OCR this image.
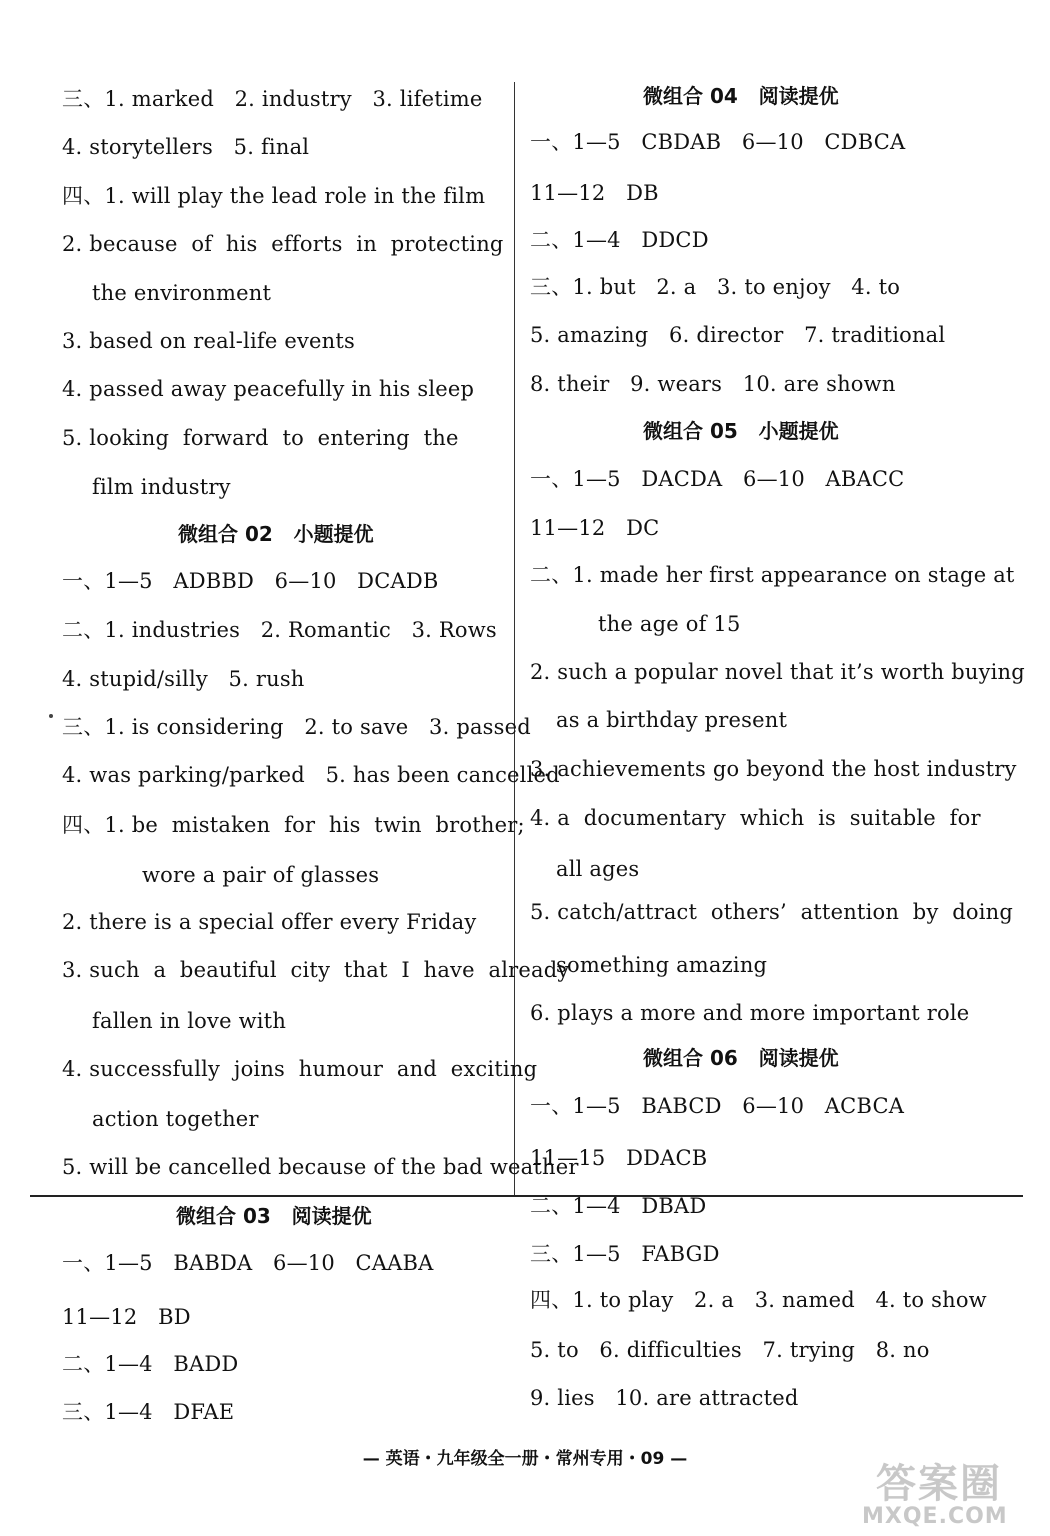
三、1. marked   2. industry   3. lifetime
4. storytellers   5. final
四、1. will play the lead role in the film
2. because  of  his  efforts  in  protecting
the environment
3. based on real-life events
4. passed away peacefully in his sleep
5. looking  forward  to  entering  the
film industry
微组合 02   小题提优
一、1—5   ADBBD   6—10   DCADB
二、1. industries   2. Romantic   3. Rows
4. stupid/silly   5. rush
三、1. is considering   2. to save   3. passed
4. was parking/parked   5. has been cancelled
四、1. be  mistaken  for  his  twin  brother;
wore a pair of glasses
2. there is a special offer every Friday
3. such  a  beautiful  city  that  I  have  already
fallen in love with
4. successfully  joins  humour  and  exciting
action together
5. will be cancelled because of the bad weather
微组合 03   阅读提优
一、1—5   BABDA   6—10   CAABA
11—12   BD
二、1—4   BADD
三、1—4   DFAE
微组合 04   阅读提优
一、1—5   CBDAB   6—10   CDBCA
11—12   DB
二、1—4   DDCD
三、1. but   2. a   3. to enjoy   4. to
5. amazing   6. director   7. traditional
8. their   9. wears   10. are shown
微组合 05   小题提优
一、1—5   DACDA   6—10   ABACC
11—12   DC
二、1. made her first appearance on stage at
the age of 15
2. such a popular novel that it’s worth buying
as a birthday present
3. achievements go beyond the host industry
4. a  documentary  which  is  suitable  for
all ages
5. catch/attract  others’  attention  by  doing
something amazing
6. plays a more and more important role
微组合 06   阅读提优
一、1—5   BABCD   6—10   ACBCA
11—15   DDACB
二、1—4   DBAD
三、1—5   FABGD
四、1. to play   2. a   3. named   4. to show
5. to   6. difficulties   7. trying   8. no
9. lies   10. are attracted
— 英语・九年级全一册・常州专用・09 —
答案圈
MXQE.COM
